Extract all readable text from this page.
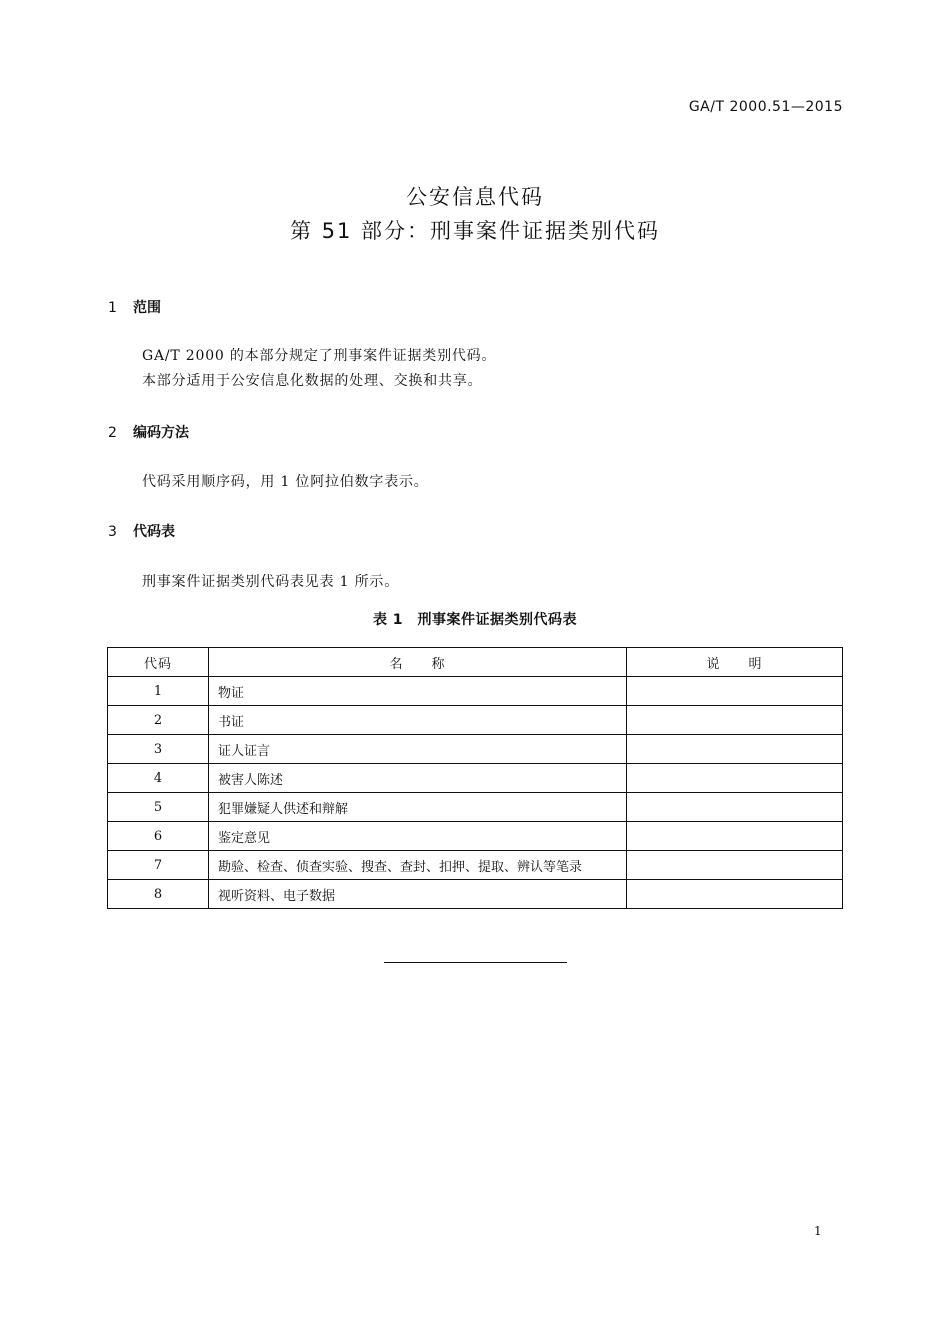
GA/T 2000.51—2015
公安信息代码
第 51 部分：刑事案件证据类别代码
1 范围
GA/T 2000 的本部分规定了刑事案件证据类别代码。
本部分适用于公安信息化数据的处理、交换和共享。
2 编码方法
代码采用顺序码，用 1 位阿拉伯数字表示。
3 代码表
刑事案件证据类别代码表见表 1 所示。
表 1　刑事案件证据类别代码表
代码	名　　称	说　　明
1	物证	
2	书证	
3	证人证言	
4	被害人陈述	
5	犯罪嫌疑人供述和辩解	
6	鉴定意见	
7	勘验、检查、侦查实验、搜查、查封、扣押、提取、辨认等笔录	
8	视听资料、电子数据	
1
